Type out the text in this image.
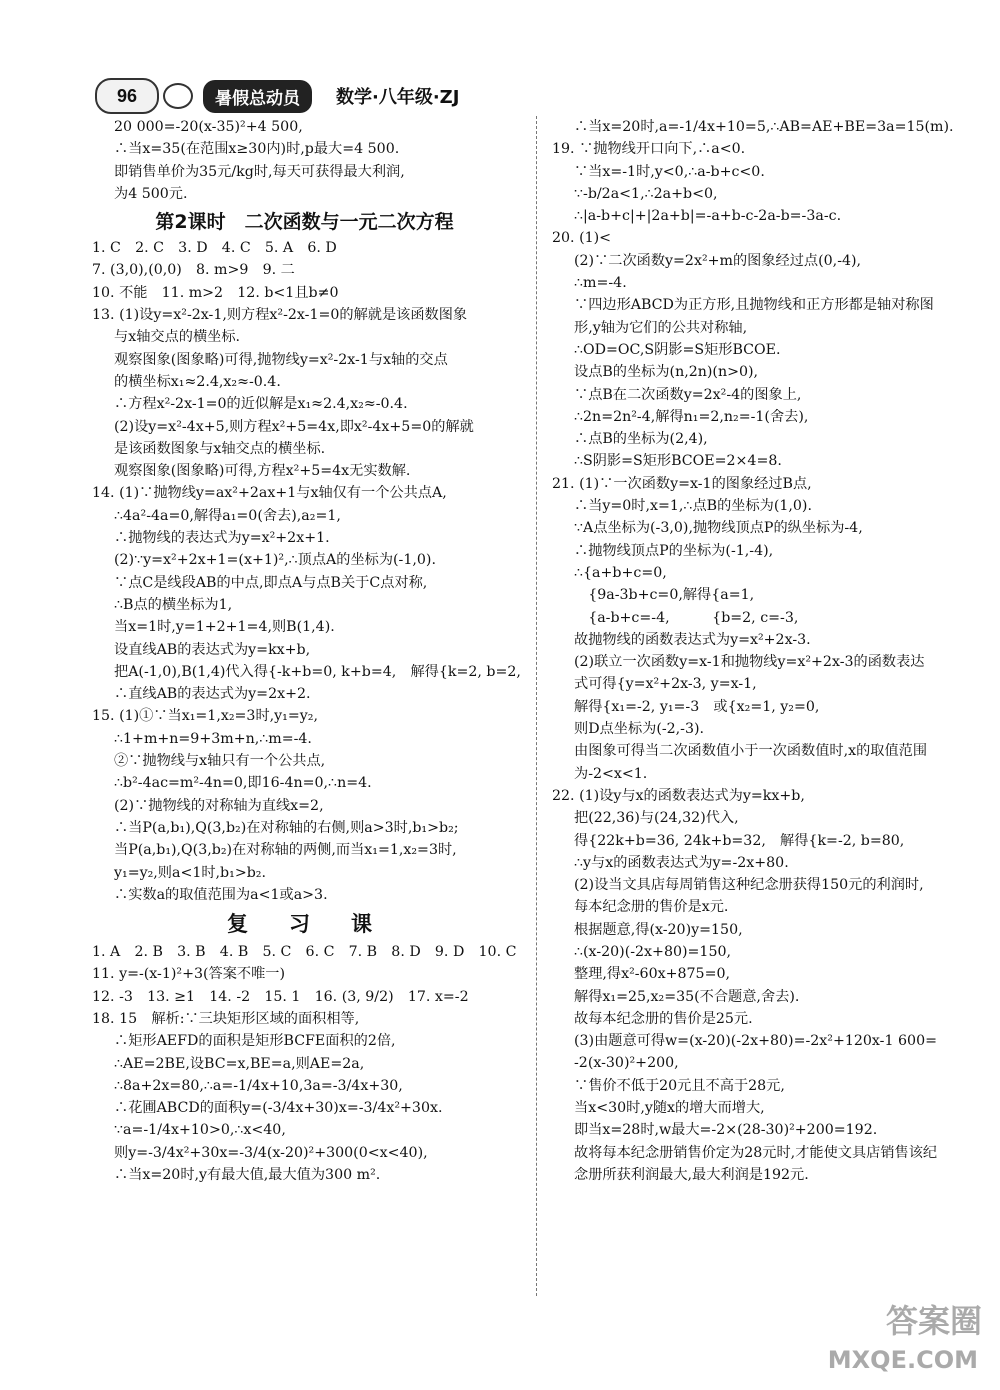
96	暑假总动员	数学·八年级·ZJ
20 000=-20(x-35)²+4 500,
∴当x=35(在范围x≥30内)时,p最大=4 500.
即销售单价为35元/kg时,每天可获得最大利润,
为4 500元.
第2课时　二次函数与一元二次方程
1. C　2. C　3. D　4. C　5. A　6. D
7. (3,0),(0,0)　8. m>9　9. 二
10. 不能　11. m>2　12. b<1且b≠0
13. (1)设y=x²-2x-1,则方程x²-2x-1=0的解就是该函数图象
与x轴交点的横坐标.
观察图象(图象略)可得,抛物线y=x²-2x-1与x轴的交点
的横坐标x₁≈2.4,x₂≈-0.4.
∴方程x²-2x-1=0的近似解是x₁≈2.4,x₂≈-0.4.
(2)设y=x²-4x+5,则方程x²+5=4x,即x²-4x+5=0的解就
是该函数图象与x轴交点的横坐标.
观察图象(图象略)可得,方程x²+5=4x无实数解.
14. (1)∵抛物线y=ax²+2ax+1与x轴仅有一个公共点A,
∴4a²-4a=0,解得a₁=0(舍去),a₂=1,
∴抛物线的表达式为y=x²+2x+1.
(2)∵y=x²+2x+1=(x+1)²,∴顶点A的坐标为(-1,0).
∵点C是线段AB的中点,即点A与点B关于C点对称,
∴B点的横坐标为1,
当x=1时,y=1+2+1=4,则B(1,4).
设直线AB的表达式为y=kx+b,
把A(-1,0),B(1,4)代入得{-k+b=0, k+b=4,　解得{k=2, b=2,
∴直线AB的表达式为y=2x+2.
15. (1)①∵当x₁=1,x₂=3时,y₁=y₂,
∴1+m+n=9+3m+n,∴m=-4.
②∵抛物线与x轴只有一个公共点,
∴b²-4ac=m²-4n=0,即16-4n=0,∴n=4.
(2)∵抛物线的对称轴为直线x=2,
∴当P(a,b₁),Q(3,b₂)在对称轴的右侧,则a>3时,b₁>b₂;
当P(a,b₁),Q(3,b₂)在对称轴的两侧,而当x₁=1,x₂=3时,
y₁=y₂,则a<1时,b₁>b₂.
∴实数a的取值范围为a<1或a>3.
复　习　课
1. A　2. B　3. B　4. B　5. C　6. C　7. B　8. D　9. D　10. C
11. y=-(x-1)²+3(答案不唯一)
12. -3　13. ≥1　14. -2　15. 1　16. (3, 9/2)　17. x=-2
18. 15　解析:∵三块矩形区域的面积相等,
∴矩形AEFD的面积是矩形BCFE面积的2倍,
∴AE=2BE,设BC=x,BE=a,则AE=2a,
∴8a+2x=80,∴a=-1/4x+10,3a=-3/4x+30,
∴花圃ABCD的面积y=(-3/4x+30)x=-3/4x²+30x.
∵a=-1/4x+10>0,∴x<40,
则y=-3/4x²+30x=-3/4(x-20)²+300(0<x<40),
∴当x=20时,y有最大值,最大值为300 m².
∴当x=20时,a=-1/4x+10=5,∴AB=AE+BE=3a=15(m).
19. ∵抛物线开口向下,∴a<0.
∵当x=-1时,y<0,∴a-b+c<0.
∵-b/2a<1,∴2a+b<0,
∴|a-b+c|+|2a+b|=-a+b-c-2a-b=-3a-c.
20. (1)<
(2)∵二次函数y=2x²+m的图象经过点(0,-4),
∴m=-4.
∵四边形ABCD为正方形,且抛物线和正方形都是轴对称图
形,y轴为它们的公共对称轴,
∴OD=OC,S阴影=S矩形BCOE.
设点B的坐标为(n,2n)(n>0),
∵点B在二次函数y=2x²-4的图象上,
∴2n=2n²-4,解得n₁=2,n₂=-1(舍去),
∴点B的坐标为(2,4),
∴S阴影=S矩形BCOE=2×4=8.
21. (1)∵一次函数y=x-1的图象经过B点,
∴当y=0时,x=1,∴点B的坐标为(1,0).
∵A点坐标为(-3,0),抛物线顶点P的纵坐标为-4,
∴抛物线顶点P的坐标为(-1,-4),
∴{a+b+c=0,
　{9a-3b+c=0,解得{a=1,
　{a-b+c=-4,　　　{b=2, c=-3,
故抛物线的函数表达式为y=x²+2x-3.
(2)联立一次函数y=x-1和抛物线y=x²+2x-3的函数表达
式可得{y=x²+2x-3, y=x-1,
解得{x₁=-2, y₁=-3　或{x₂=1, y₂=0,
则D点坐标为(-2,-3).
由图象可得当二次函数值小于一次函数值时,x的取值范围
为-2<x<1.
22. (1)设y与x的函数表达式为y=kx+b,
把(22,36)与(24,32)代入,
得{22k+b=36, 24k+b=32,　解得{k=-2, b=80,
∴y与x的函数表达式为y=-2x+80.
(2)设当文具店每周销售这种纪念册获得150元的利润时,
每本纪念册的售价是x元.
根据题意,得(x-20)y=150,
∴(x-20)(-2x+80)=150,
整理,得x²-60x+875=0,
解得x₁=25,x₂=35(不合题意,舍去).
故每本纪念册的售价是25元.
(3)由题意可得w=(x-20)(-2x+80)=-2x²+120x-1 600=
-2(x-30)²+200,
∵售价不低于20元且不高于28元,
当x<30时,y随x的增大而增大,
即当x=28时,w最大=-2×(28-30)²+200=192.
故将每本纪念册销售价定为28元时,才能使文具店销售该纪
念册所获利润最大,最大利润是192元.
答案圈
MXQE.COM
